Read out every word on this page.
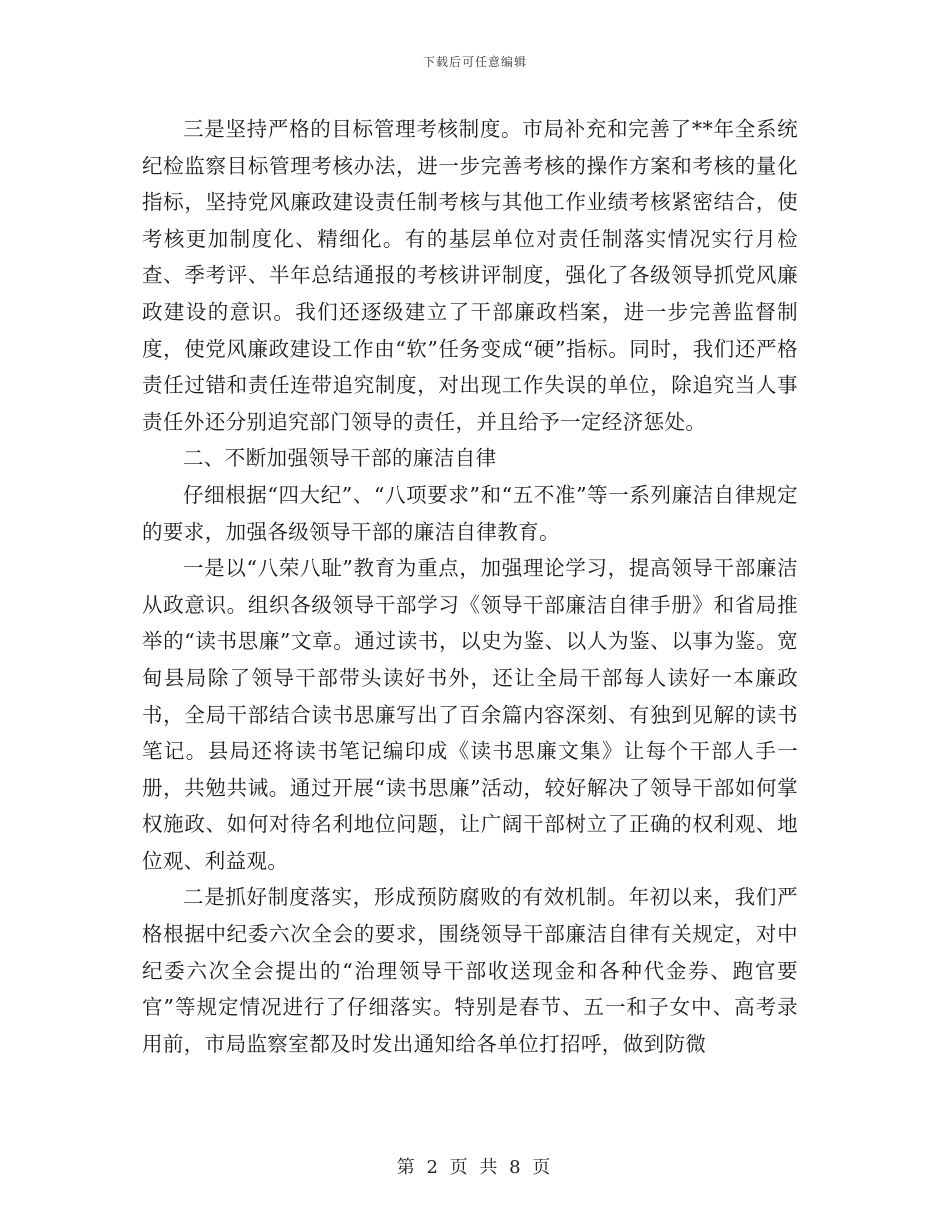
下载后可任意编辑

三是坚持严格的目标管理考核制度。市局补充和完善了**年全系统纪检监察目标管理考核办法，进一步完善考核的操作方案和考核的量化指标，坚持党风廉政建设责任制考核与其他工作业绩考核紧密结合，使考核更加制度化、精细化。有的基层单位对责任制落实情况实行月检查、季考评、半年总结通报的考核讲评制度，强化了各级领导抓党风廉政建设的意识。我们还逐级建立了干部廉政档案，进一步完善监督制度，使党风廉政建设工作由“软”任务变成“硬”指标。同时，我们还严格责任过错和责任连带追究制度，对出现工作失误的单位，除追究当人事责任外还分别追究部门领导的责任，并且给予一定经济惩处。

二、不断加强领导干部的廉洁自律

仔细根据“四大纪”、“八项要求”和“五不准”等一系列廉洁自律规定的要求，加强各级领导干部的廉洁自律教育。

一是以“八荣八耻”教育为重点，加强理论学习，提高领导干部廉洁从政意识。组织各级领导干部学习《领导干部廉洁自律手册》和省局推举的“读书思廉”文章。通过读书，以史为鉴、以人为鉴、以事为鉴。宽甸县局除了领导干部带头读好书外，还让全局干部每人读好一本廉政书，全局干部结合读书思廉写出了百余篇内容深刻、有独到见解的读书笔记。县局还将读书笔记编印成《读书思廉文集》让每个干部人手一册，共勉共诫。通过开展“读书思廉”活动，较好解决了领导干部如何掌权施政、如何对待名利地位问题，让广阔干部树立了正确的权利观、地位观、利益观。

二是抓好制度落实，形成预防腐败的有效机制。年初以来，我们严格根据中纪委六次全会的要求，围绕领导干部廉洁自律有关规定，对中纪委六次全会提出的“治理领导干部收送现金和各种代金券、跑官要官”等规定情况进行了仔细落实。特别是春节、五一和子女中、高考录用前，市局监察室都及时发出通知给各单位打招呼，做到防微

第 2 页 共 8 页
